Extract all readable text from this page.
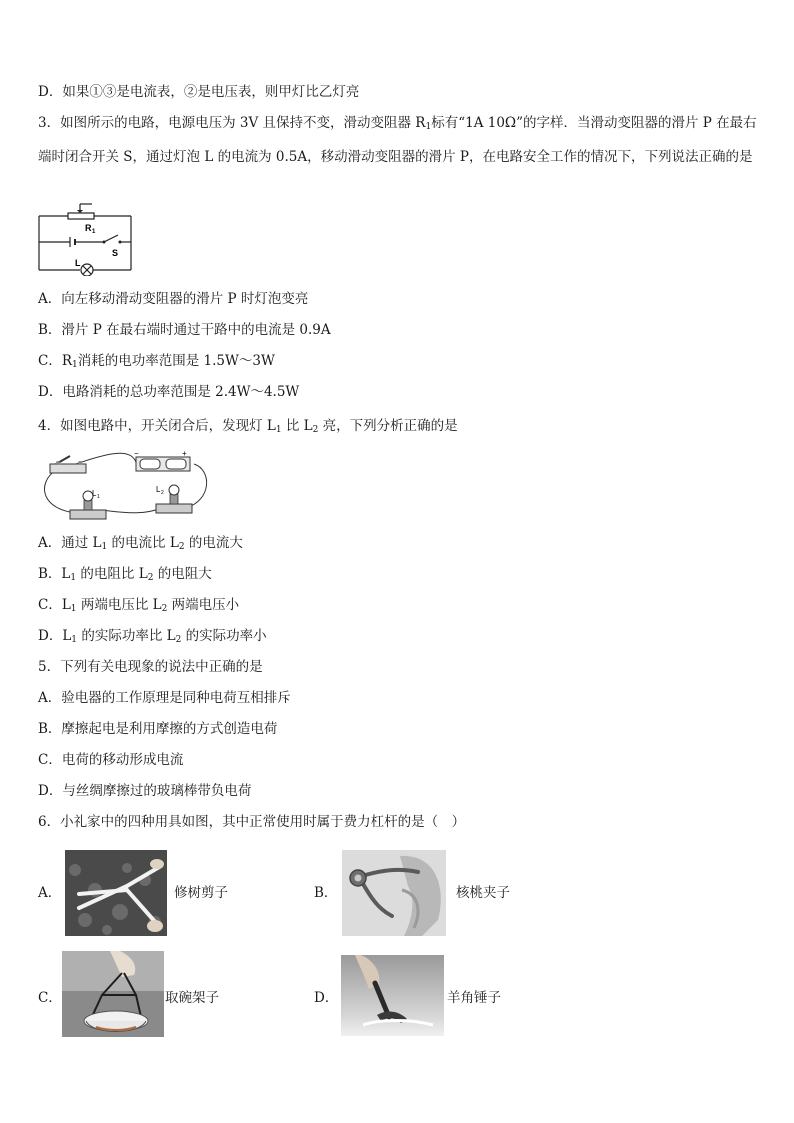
D．如果①③是电流表，②是电压表，则甲灯比乙灯亮
3．如图所示的电路，电源电压为 3V 且保持不变，滑动变阻器 $R_1$标有“1A 10Ω”的字样．当滑动变阻器的滑片 P 在最右端时闭合开关 S，通过灯泡 L 的电流为 0.5A，移动滑动变阻器的滑片 P，在电路安全工作的情况下，下列说法正确的是
R 1
S
L
A．向左移动滑动变阻器的滑片 P 时灯泡变亮
B．滑片 P 在最右端时通过干路中的电流是 0.9A
C．$R_1$消耗的电功率范围是 1.5W～3W
D．电路消耗的总功率范围是 2.4W～4.5W
4．如图电路中，开关闭合后，发现灯 $L_1$ 比 $L_2$ 亮，下列分析正确的是
−	+
L 1
L 2
A．通过 $L_1$ 的电流比 $L_2$ 的电流大
B．$L_1$ 的电阻比 $L_2$ 的电阻大
C．$L_1$ 两端电压比 $L_2$ 两端电压小
D．$L_1$ 的实际功率比 $L_2$ 的实际功率小
5．下列有关电现象的说法中正确的是
A．验电器的工作原理是同种电荷互相排斥
B．摩擦起电是利用摩擦的方式创造电荷
C．电荷的移动形成电流
D．与丝绸摩擦过的玻璃棒带负电荷
6．小礼家中的四种用具如图，其中正常使用时属于费力杠杆的是（　）
A．	修树剪子	B．	核桃夹子
C．	取碗架子	D．	羊角锤子
